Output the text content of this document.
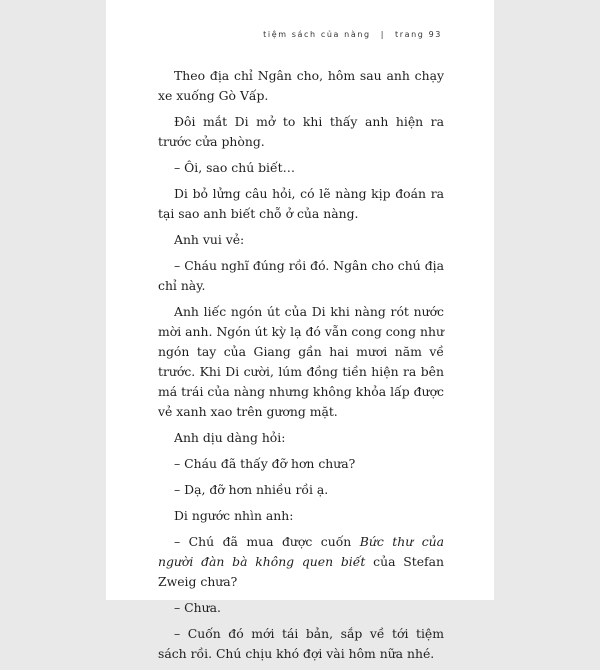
tiệm sách của nàng | trang 93

Theo địa chỉ Ngân cho, hôm sau anh chạy xe xuống Gò Vấp.

Đôi mắt Di mở to khi thấy anh hiện ra trước cửa phòng.

– Ôi, sao chú biết…

Di bỏ lửng câu hỏi, có lẽ nàng kịp đoán ra tại sao anh biết chỗ ở của nàng.

Anh vui vẻ:

– Cháu nghĩ đúng rồi đó. Ngân cho chú địa chỉ này.

Anh liếc ngón út của Di khi nàng rót nước mời anh. Ngón út kỳ lạ đó vẫn cong cong như ngón tay của Giang gần hai mươi năm về trước. Khi Di cười, lúm đồng tiền hiện ra bên má trái của nàng nhưng không khỏa lấp được vẻ xanh xao trên gương mặt.

Anh dịu dàng hỏi:

– Cháu đã thấy đỡ hơn chưa?

– Dạ, đỡ hơn nhiều rồi ạ.

Di ngước nhìn anh:

– Chú đã mua được cuốn Bức thư của người đàn bà không quen biết của Stefan Zweig chưa?

– Chưa.

– Cuốn đó mới tái bản, sắp về tới tiệm sách rồi. Chú chịu khó đợi vài hôm nữa nhé.
